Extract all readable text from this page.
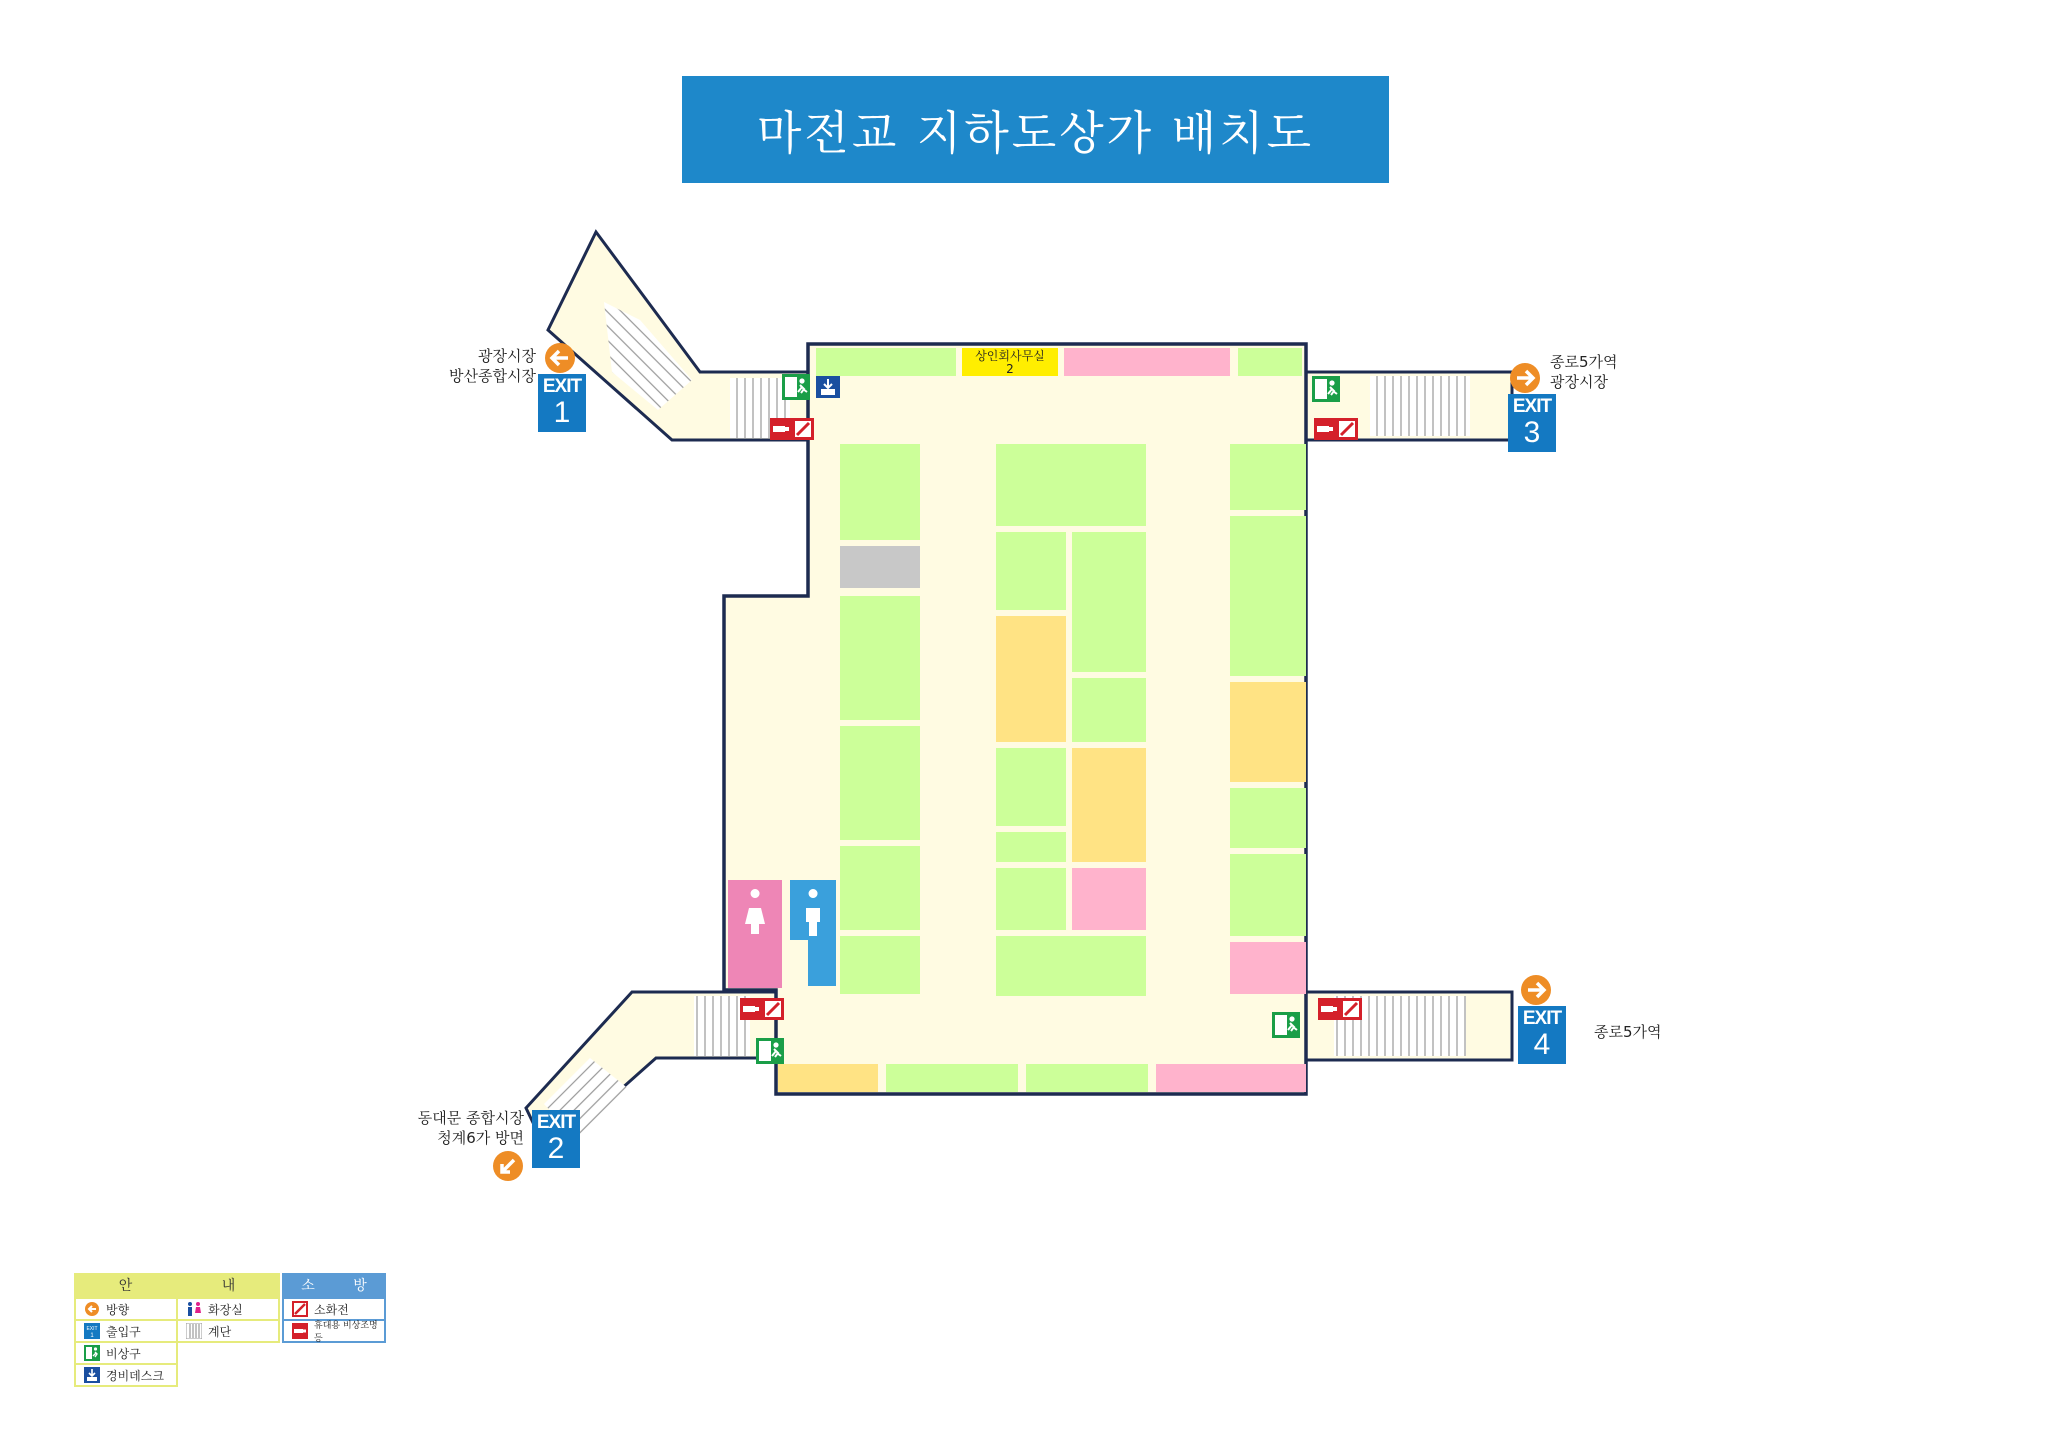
마전교 지하도상가 배치도
상인회사무실
2
EXIT
1
EXIT
2
EXIT
3
EXIT
4
광장시장
방산종합시장
동대문 종합시장
청계6가 방면
종로5가역
광장시장
종로5가역
안	내	소	방
방향	화장실	소화전
EXIT
1 출입구	계단	휴대용 비상조명등
비상구
경비데스크
